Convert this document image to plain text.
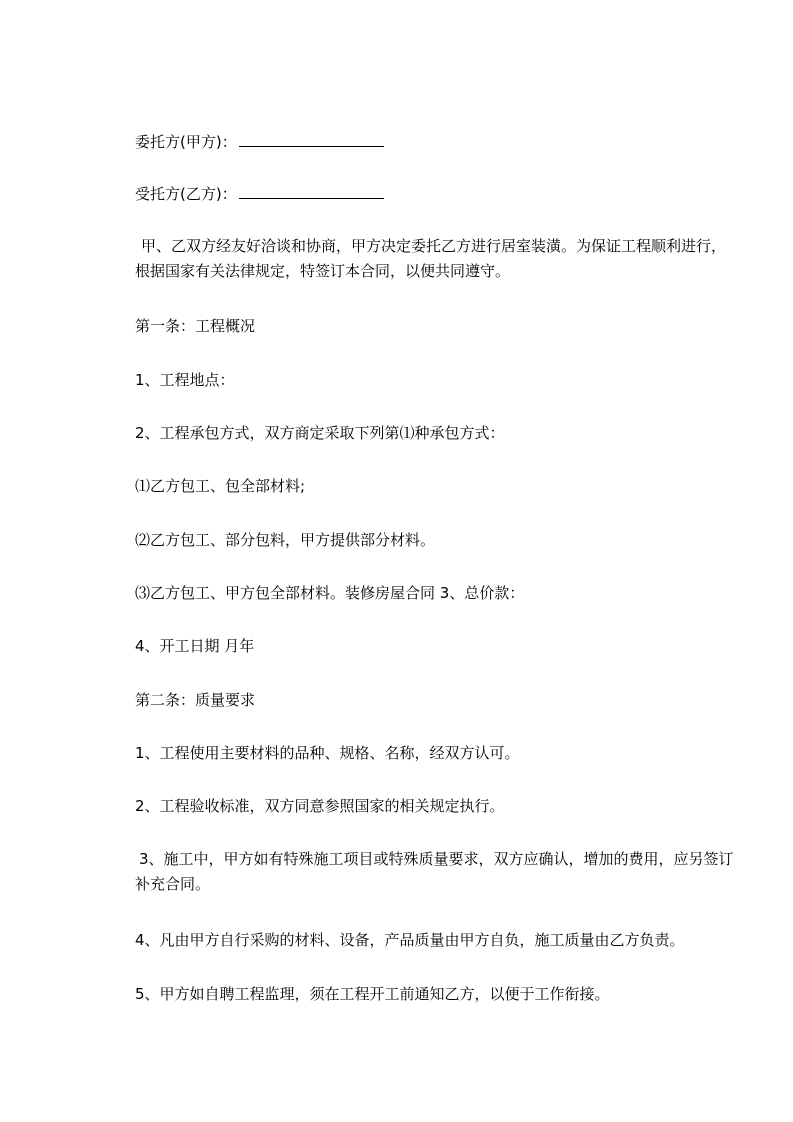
委托方(甲方)：
受托方(乙方)：
甲、乙双方经友好洽谈和协商，甲方决定委托乙方进行居室装潢。为保证工程顺利进行，根据国家有关法律规定，特签订本合同，以便共同遵守。
第一条：工程概况
1、工程地点：
2、工程承包方式，双方商定采取下列第⑴种承包方式：
⑴乙方包工、包全部材料;
⑵乙方包工、部分包料，甲方提供部分材料。
⑶乙方包工、甲方包全部材料。装修房屋合同 3、总价款：
4、开工日期 月年
第二条：质量要求
1、工程使用主要材料的品种、规格、名称，经双方认可。
2、工程验收标准，双方同意参照国家的相关规定执行。
3、施工中，甲方如有特殊施工项目或特殊质量要求，双方应确认，增加的费用，应另签订补充合同。
4、凡由甲方自行采购的材料、设备，产品质量由甲方自负，施工质量由乙方负责。
5、甲方如自聘工程监理，须在工程开工前通知乙方，以便于工作衔接。
